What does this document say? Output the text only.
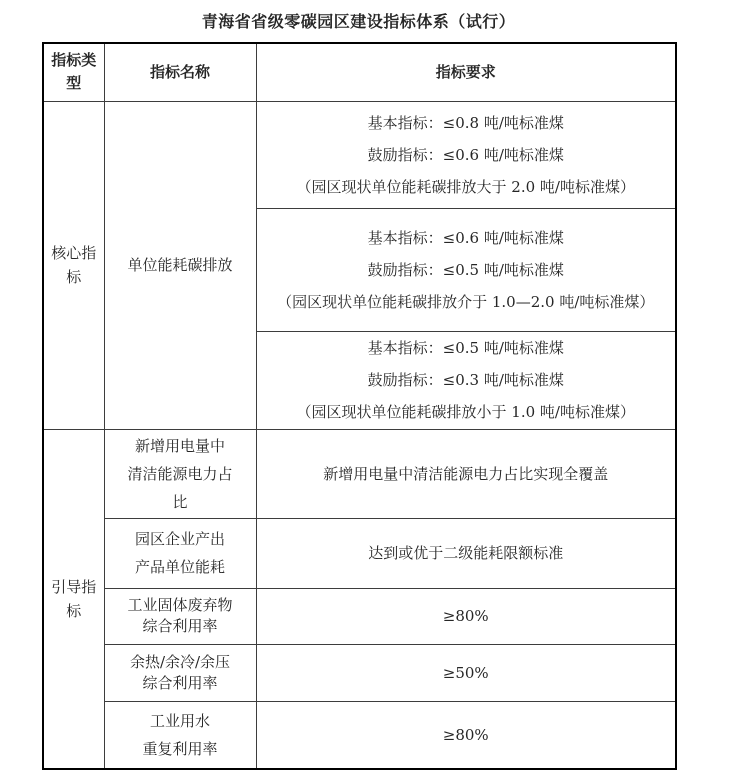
青海省省级零碳园区建设指标体系（试行）
指标类型	指标名称	指标要求
核心指标	单位能耗碳排放	基本指标：≤0.8 吨/吨标准煤
鼓励指标：≤0.6 吨/吨标准煤
（园区现状单位能耗碳排放大于 2.0 吨/吨标准煤）

		基本指标：≤0.6 吨/吨标准煤
鼓励指标：≤0.5 吨/吨标准煤
（园区现状单位能耗碳排放介于 1.0—2.0 吨/吨标准煤）

		基本指标：≤0.5 吨/吨标准煤
鼓励指标：≤0.3 吨/吨标准煤
（园区现状单位能耗碳排放小于 1.0 吨/吨标准煤）

引导指标	新增用电量中
清洁能源电力占
比	新增用电量中清洁能源电力占比实现全覆盖

	园区企业产出
产品单位能耗	达到或优于二级能耗限额标准

	工业固体废弃物
综合利用率	≥80%

	余热/余冷/余压
综合利用率	≥50%

	工业用水
重复利用率	≥80%
